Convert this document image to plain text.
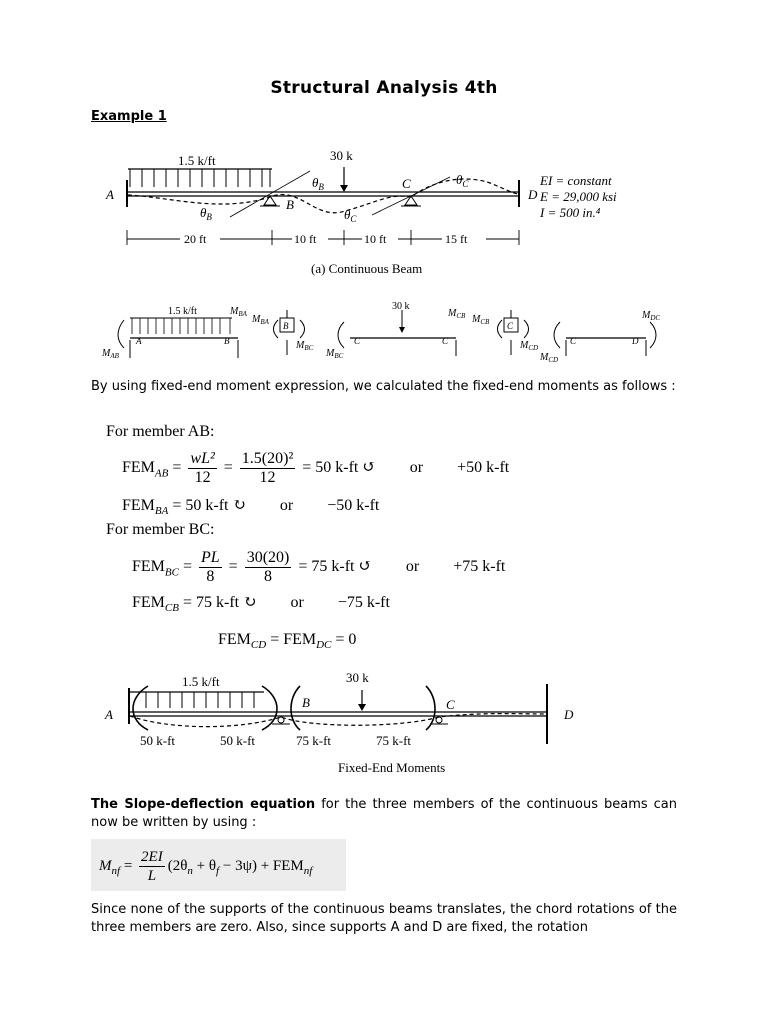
Structural Analysis 4th
Example 1
1.5 k/ft	30 k
A
B
C
D
$\theta_B$
$\theta_B$	$\theta_C$
$\theta_C$
20 ft	10 ft	10 ft	15 ft
EI = constant
E = 29,000 ksi
I = 500 in.⁴
(a) Continuous Beam
1.5 k/ft
A	B
$M_{AB}$
$M_{BA}$ $M_{BA}$ B
$M_{BC}$
30 k
C	C
$M_{BC}$
$M_{CB}$ $M_{CB}$ C
$M_{CD}$
C	D
$M_{CD}$
$M_{DC}$

By using fixed-end moment expression, we calculated the fixed-end moments as follows :

For member AB:
$FEM_{AB} = \frac{\text{wL²}}{12} = \frac{\text{1.5(20)²}}{12} = 50$ k-ft ↺ or +50 k-ft
$FEM_{BA} = 50$ k-ft ↻ or −50 k-ft
For member BC:
$FEM_{BC} = \frac{PL}{8} = \frac{30(20)}{8} = 75$ k-ft ↺ or +75 k-ft
$FEM_{CB} = 75$ k-ft ↻ or −75 k-ft
$FEM_{CD} = FEM_{DC} = 0$
1.5 k/ft	30 k
A
B	C
D
50 k-ft	50 k-ft	75 k-ft	75 k-ft
Fixed-End Moments

The Slope-deflection equation for the three members of the continuous beams can now be written by using :

$M_{nf} = \frac{2EI}{L} (2\theta_n + \theta_f - 3\psi) + FEM_{nf}$

Since none of the supports of the continuous beams translates, the chord rotations of the three members are zero. Also, since supports A and D are fixed, the rotation
